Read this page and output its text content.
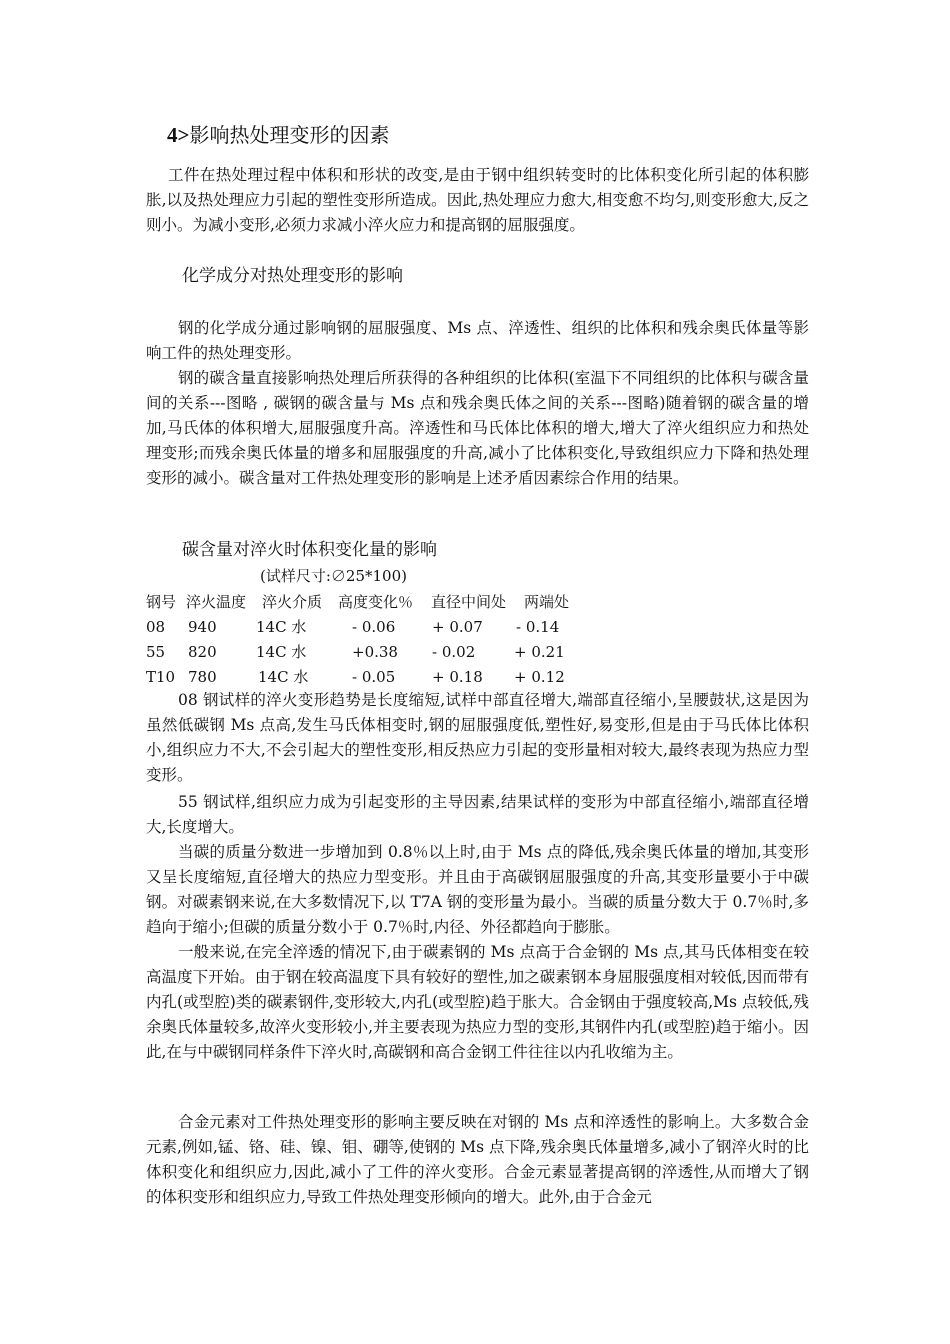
4>影响热处理变形的因素

工件在热处理过程中体积和形状的改变,是由于钢中组织转变时的比体积变化所引起的体积膨胀,以及热处理应力引起的塑性变形所造成。因此,热处理应力愈大,相变愈不均匀,则变形愈大,反之则小。为减小变形,必须力求减小淬火应力和提高钢的屈服强度。

化学成分对热处理变形的影响

钢的化学成分通过影响钢的屈服强度、Ms 点、淬透性、组织的比体积和残余奥氏体量等影响工件的热处理变形。

钢的碳含量直接影响热处理后所获得的各种组织的比体积(室温下不同组织的比体积与碳含量间的关系---图略 , 碳钢的碳含量与 Ms 点和残余奥氏体之间的关系---图略)随着钢的碳含量的增加,马氏体的体积增大,屈服强度升高。淬透性和马氏体比体积的增大,增大了淬火组织应力和热处理变形;而残余奥氏体量的增多和屈服强度的升高,减小了比体积变化,导致组织应力下降和热处理变形的减小。碳含量对工件热处理变形的影响是上述矛盾因素综合作用的结果。

碳含量对淬火时体积变化量的影响
(试样尺寸:∅25*100)
钢号 淬火温度 淬火介质 高度变化％ 直径中间处 两端处
08 940	14C 水	- 0.06 + 0.07 - 0.14
55 820	14C 水	+0.38 - 0.02	+ 0.21
T10 780	14C 水	- 0.05 + 0.18 + 0.12

08 钢试样的淬火变形趋势是长度缩短,试样中部直径增大,端部直径缩小,呈腰鼓状,这是因为虽然低碳钢 Ms 点高,发生马氏体相变时,钢的屈服强度低,塑性好,易变形,但是由于马氏体比体积小,组织应力不大,不会引起大的塑性变形,相反热应力引起的变形量相对较大,最终表现为热应力型变形。

55 钢试样,组织应力成为引起变形的主导因素,结果试样的变形为中部直径缩小,端部直径增大,长度增大。

当碳的质量分数进一步增加到 0.8％以上时,由于 Ms 点的降低,残余奥氏体量的增加,其变形又呈长度缩短,直径增大的热应力型变形。并且由于高碳钢屈服强度的升高,其变形量要小于中碳钢。对碳素钢来说,在大多数情况下,以 T7A 钢的变形量为最小。当碳的质量分数大于 0.7％时,多趋向于缩小;但碳的质量分数小于 0.7％时,内径、外径都趋向于膨胀。

一般来说,在完全淬透的情况下,由于碳素钢的 Ms 点高于合金钢的 Ms 点,其马氏体相变在较高温度下开始。由于钢在较高温度下具有较好的塑性,加之碳素钢本身屈服强度相对较低,因而带有内孔(或型腔)类的碳素钢件,变形较大,内孔(或型腔)趋于胀大。合金钢由于强度较高,Ms 点较低,残余奥氏体量较多,故淬火变形较小,并主要表现为热应力型的变形,其钢件内孔(或型腔)趋于缩小。因此,在与中碳钢同样条件下淬火时,高碳钢和高合金钢工件往往以内孔收缩为主。

合金元素对工件热处理变形的影响主要反映在对钢的 Ms 点和淬透性的影响上。大多数合金元素,例如,锰、铬、硅、镍、钼、硼等,使钢的 Ms 点下降,残余奥氏体量增多,减小了钢淬火时的比体积变化和组织应力,因此,减小了工件的淬火变形。合金元素显著提高钢的淬透性,从而增大了钢的体积变形和组织应力,导致工件热处理变形倾向的增大。此外,由于合金元
